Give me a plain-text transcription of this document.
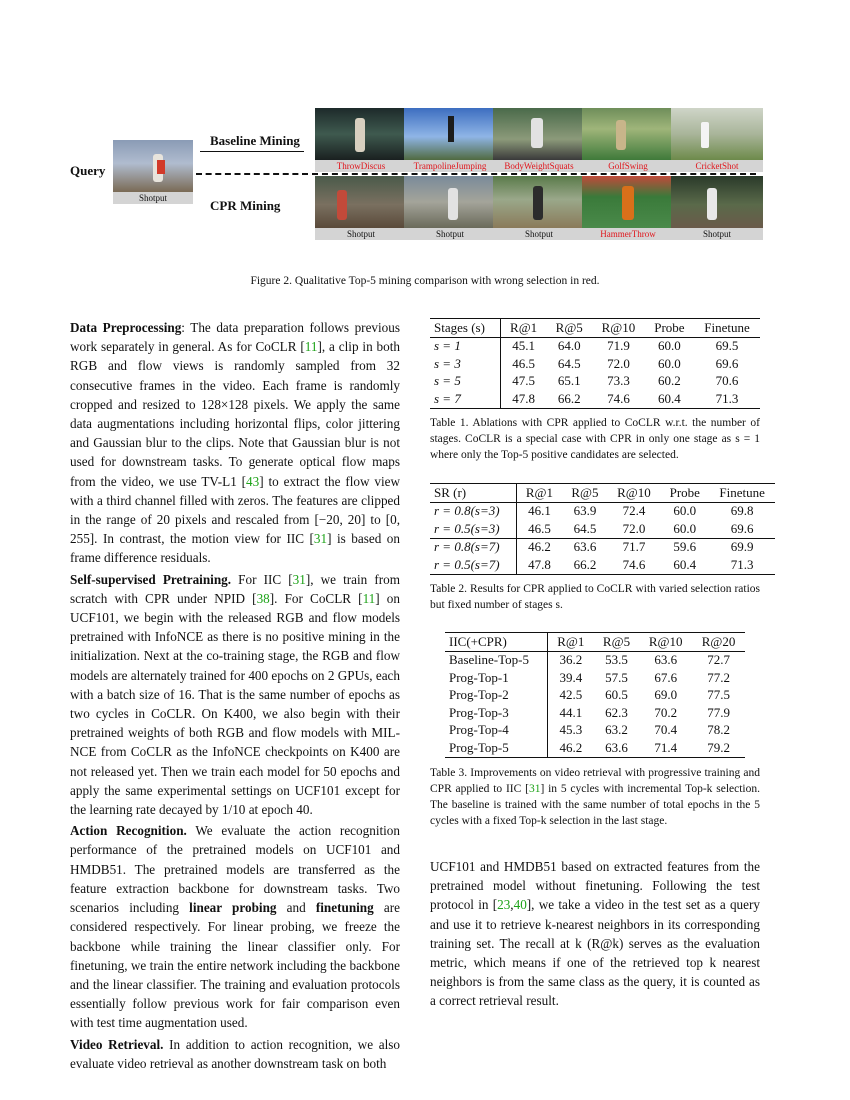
Query
Baseline Mining
CPR Mining
Shotput
ThrowDiscus	TrampolineJumping	BodyWeightSquats	GolfSwing	CricketShot
Shotput	Shotput	Shotput	HammerThrow	Shotput
Figure 2. Qualitative Top-5 mining comparison with wrong selection in red.

Data Preprocessing: The data preparation follows previous work separately in general. As for CoCLR [11], a clip in both RGB and flow views is randomly sampled from 32 consecutive frames in the video. Each frame is randomly cropped and resized to 128×128 pixels. We apply the same data augmentations including horizontal flips, color jittering and Gaussian blur to the clips. Note that Gaussian blur is not used for downstream tasks. To generate optical flow maps from the video, we use TV-L1 [43] to extract the flow view with a third channel filled with zeros. The features are clipped in the range of 20 pixels and rescaled from [−20, 20] to [0, 255]. In contrast, the motion view for IIC [31] is based on frame difference residuals.

Self-supervised Pretraining. For IIC [31], we train from scratch with CPR under NPID [38]. For CoCLR [11] on UCF101, we begin with the released RGB and flow models pretrained with InfoNCE as there is no positive mining in the initialization. Next at the co-training stage, the RGB and flow models are alternately trained for 400 epochs on 2 GPUs, each with a batch size of 16. That is the same number of epochs as two cycles in CoCLR. On K400, we also begin with their pretrained weights of both RGB and flow models with MIL-NCE from CoCLR as the InfoNCE checkpoints on K400 are not released yet. Then we train each model for 50 epochs and apply the same experimental settings on UCF101 except for the learning rate decayed by 1/10 at epoch 40.

Action Recognition. We evaluate the action recognition performance of the pretrained models on UCF101 and HMDB51. The pretrained models are transferred as the feature extraction backbone for downstream tasks. Two scenarios including linear probing and finetuning are considered respectively. For linear probing, we freeze the backbone while training the linear classifier only. For finetuning, we train the entire network including the backbone and the linear classifier. The training and evaluation protocols essentially follow previous work for fair comparison even with test time augmentation used.

Video Retrieval. In addition to action recognition, we also evaluate video retrieval as another downstream task on both

Stages (s)	R@1	R@5	R@10	Probe	Finetune
s = 1	45.1	64.0	71.9	60.0	69.5
s = 3	46.5	64.5	72.0	60.0	69.6
s = 5	47.5	65.1	73.3	60.2	70.6
s = 7	47.8	66.2	74.6	60.4	71.3
Table 1. Ablations with CPR applied to CoCLR w.r.t. the number of stages. CoCLR is a special case with CPR in only one stage as s = 1 where only the Top-5 positive candidates are selected.
SR (r)	R@1	R@5	R@10	Probe	Finetune
r = 0.8(s=3)	46.1	63.9	72.4	60.0	69.8
r = 0.5(s=3)	46.5	64.5	72.0	60.0	69.6
r = 0.8(s=7)	46.2	63.6	71.7	59.6	69.9
r = 0.5(s=7)	47.8	66.2	74.6	60.4	71.3
Table 2. Results for CPR applied to CoCLR with varied selection ratios but fixed number of stages s.
IIC(+CPR)	R@1	R@5	R@10	R@20
Baseline-Top-5	36.2	53.5	63.6	72.7
Prog-Top-1	39.4	57.5	67.6	77.2
Prog-Top-2	42.5	60.5	69.0	77.5
Prog-Top-3	44.1	62.3	70.2	77.9
Prog-Top-4	45.3	63.2	70.4	78.2
Prog-Top-5	46.2	63.6	71.4	79.2
Table 3. Improvements on video retrieval with progressive training and CPR applied to IIC [31] in 5 cycles with incremental Top-k selection. The baseline is trained with the same number of total epochs in the 5 cycles with a fixed Top-k selection in the last stage.

UCF101 and HMDB51 based on extracted features from the pretrained model without finetuning. Following the test protocol in [23,40], we take a video in the test set as a query and use it to retrieve k-nearest neighbors in its corresponding training set. The recall at k (R@k) serves as the evaluation metric, which means if one of the retrieved top k nearest neighbors is from the same class as the query, it is counted as a correct retrieval result.
